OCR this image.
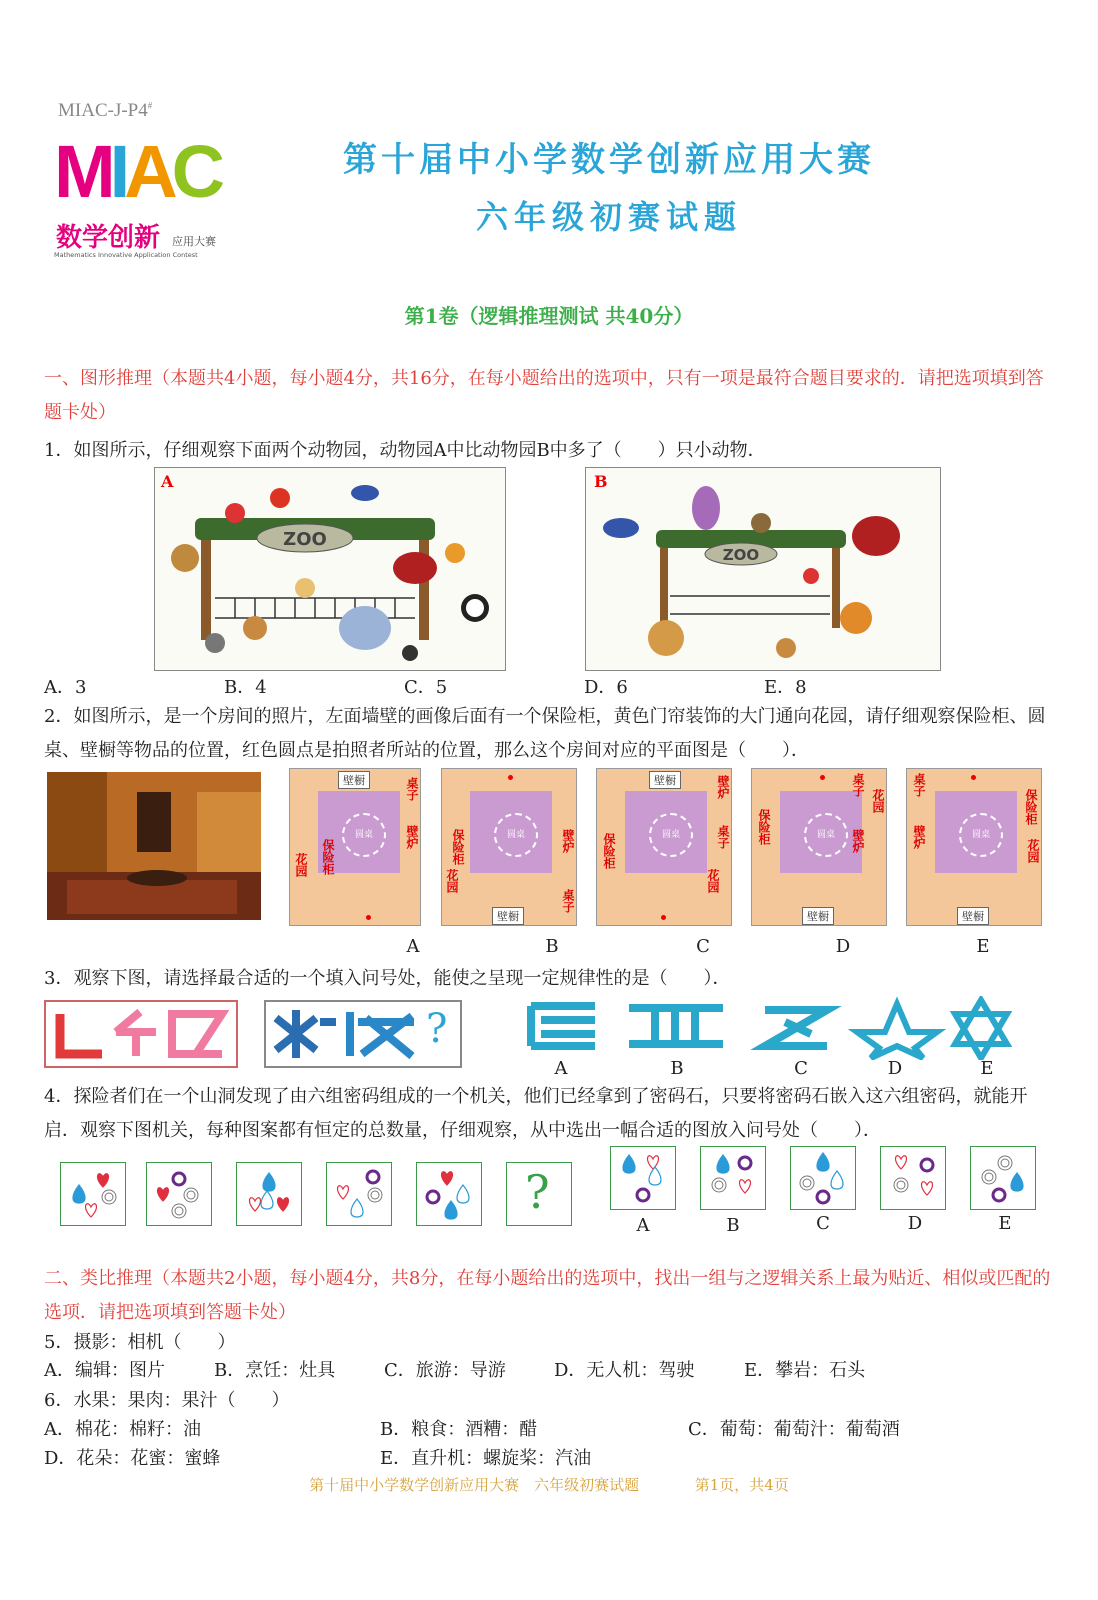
MIAC-J-P4#
MIAC
数学创新 应用大赛
Mathematics Innovative Application Contest
第十届中小学数学创新应用大赛
六年级初赛试题
第1卷（逻辑推理测试 共40分）
一、图形推理（本题共4小题，每小题4分，共16分，在每小题给出的选项中，只有一项是最符合题目要求的．请把选项填到答题卡处）
1．如图所示，仔细观察下面两个动物园，动物园A中比动物园B中多了（　　）只小动物．
A
ZOO
B
ZOO
A．3	B．4	C．5	D．6	E．8
2．如图所示，是一个房间的照片，左面墙壁的画像后面有一个保险柜，黄色门帘装饰的大门通向花园，请仔细观察保险柜、圆桌、壁橱等物品的位置，红色圆点是拍照者所站的位置，那么这个房间对应的平面图是（　　）．
圆桌
壁橱
保险柜
壁炉
桌子
花园
圆桌
壁橱
保险柜	壁炉
桌子
花园
圆桌
壁橱
保险柜
壁炉
桌子
花园
圆桌
壁橱
保险柜	壁炉
桌子
花园
圆桌
壁橱
保险柜
壁炉
桌子
花园
A	B	C	D	E
3．观察下图，请选择最合适的一个填入问号处，能使之呈现一定规律性的是（　　）．
?
A	B	C	D	E
4．探险者们在一个山洞发现了由六组密码组成的一个机关，他们已经拿到了密码石，只要将密码石嵌入这六组密码，就能开启．观察下图机关，每种图案都有恒定的总数量，仔细观察，从中选出一幅合适的图放入问号处（　　）．
?
A	B	C	D	E
二、类比推理（本题共2小题，每小题4分，共8分，在每小题给出的选项中，找出一组与之逻辑关系上最为贴近、相似或匹配的选项．请把选项填到答题卡处）
5．摄影：相机（　　）
A．编辑：图片	B．烹饪：灶具	C．旅游：导游	D．无人机：驾驶	E．攀岩：石头
6．水果：果肉：果汁（　　）
A．棉花：棉籽：油	B．粮食：酒糟：醋	C．葡萄：葡萄汁：葡萄酒
D．花朵：花蜜：蜜蜂	E．直升机：螺旋桨：汽油
第十届中小学数学创新应用大赛　六年级初赛试题	第1页，共4页
